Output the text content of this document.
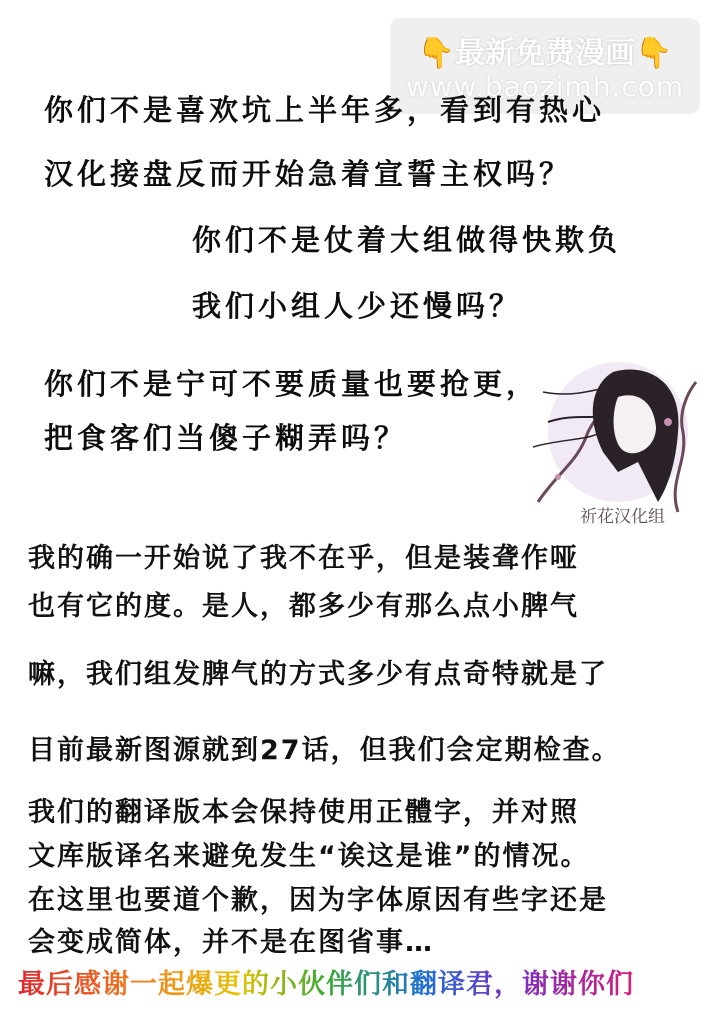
👇最新免费漫画👇
www.baozimh.com
你们不是喜欢坑上半年多，看到有热心
汉化接盘反而开始急着宣誓主权吗？
你们不是仗着大组做得快欺负
我们小组人少还慢吗？
你们不是宁可不要质量也要抢更，
把食客们当傻子糊弄吗？
祈花汉化组
我的确一开始说了我不在乎，但是装聋作哑
也有它的度。是人，都多少有那么点小脾气
嘛，我们组发脾气的方式多少有点奇特就是了
目前最新图源就到27话，但我们会定期检查。
我们的翻译版本会保持使用正體字，并对照
文库版译名来避免发生“诶这是谁”的情况。
在这里也要道个歉，因为字体原因有些字还是
会变成简体，并不是在图省事…
最后感谢一起爆更的小伙伴们和翻译君，谢谢你们
